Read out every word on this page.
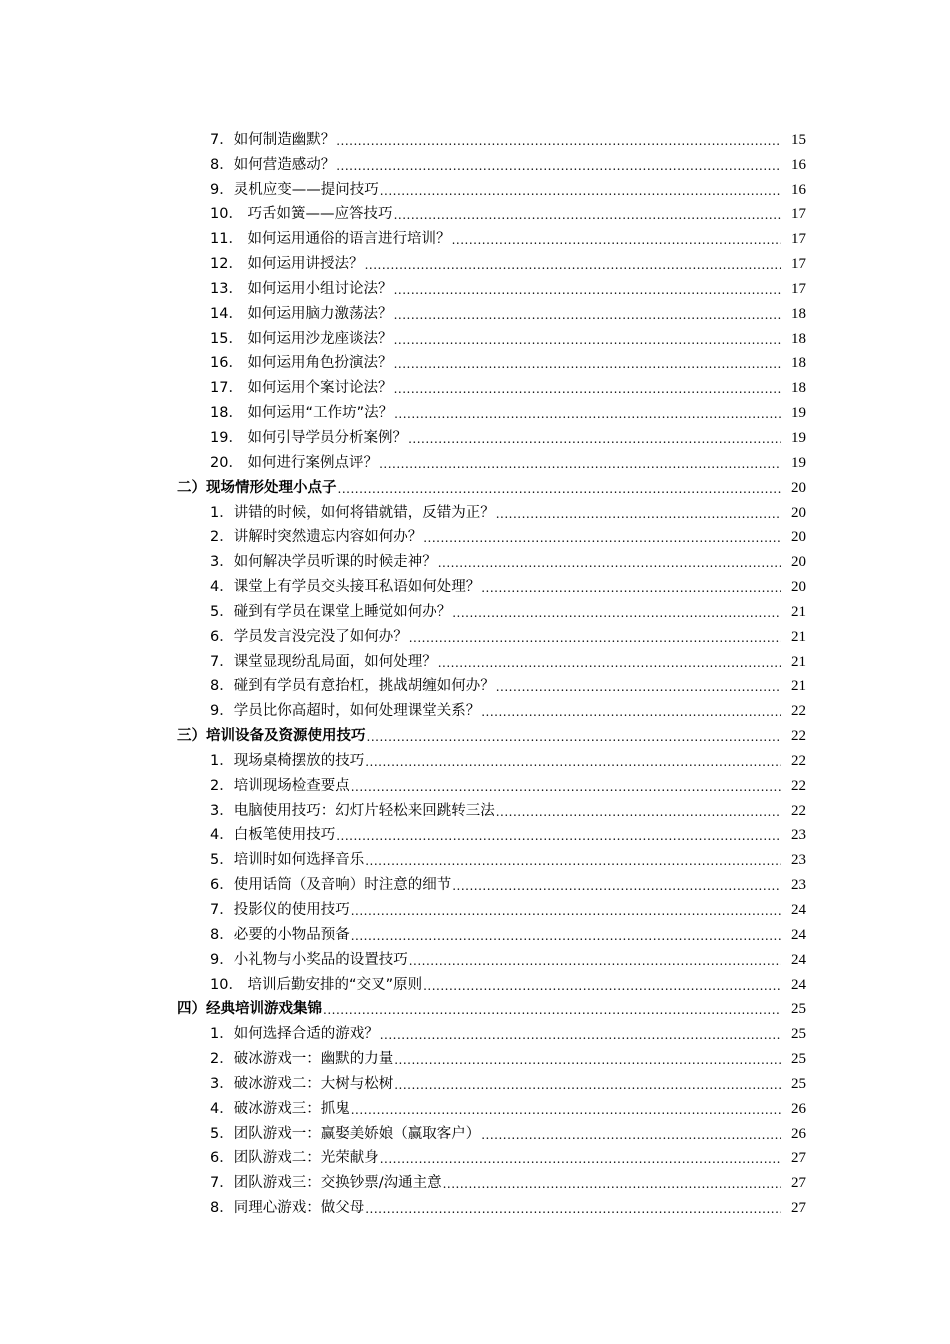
7．如何制造幽默？ .....	15
8．如何营造感动？ .....	16
9．灵机应变——提问技巧 .....	16
10． 巧舌如簧——应答技巧 .....	17
11． 如何运用通俗的语言进行培训？ .....	17
12． 如何运用讲授法？ .....	17
13． 如何运用小组讨论法？ .....	17
14． 如何运用脑力激荡法？ .....	18
15． 如何运用沙龙座谈法？ .....	18
16． 如何运用角色扮演法？ .....	18
17． 如何运用个案讨论法？ .....	18
18． 如何运用“工作坊”法？ .....	19
19． 如何引导学员分析案例？ .....	19
20． 如何进行案例点评？ .....	19
二）现场情形处理小点子 .....	20
1．讲错的时候，如何将错就错，反错为正？ .....	20
2．讲解时突然遗忘内容如何办？ .....	20
3．如何解决学员听课的时候走神？ .....	20
4．课堂上有学员交头接耳私语如何处理？ .....	20
5．碰到有学员在课堂上睡觉如何办？ .....	21
6．学员发言没完没了如何办？ .....	21
7．课堂显现纷乱局面，如何处理？ .....	21
8．碰到有学员有意抬杠，挑战胡缠如何办？ .....	21
9．学员比你高超时，如何处理课堂关系？ .....	22
三）培训设备及资源使用技巧 .....	22
1．现场桌椅摆放的技巧 .....	22
2．培训现场检查要点 .....	22
3．电脑使用技巧：幻灯片轻松来回跳转三法 .....	22
4．白板笔使用技巧 .....	23
5．培训时如何选择音乐 .....	23
6．使用话筒（及音响）时注意的细节 .....	23
7．投影仪的使用技巧 .....	24
8．必要的小物品预备 .....	24
9．小礼物与小奖品的设置技巧 .....	24
10． 培训后勤安排的“交叉”原则 .....	24
四）经典培训游戏集锦 .....	25
1．如何选择合适的游戏？ .....	25
2．破冰游戏一：幽默的力量 .....	25
3．破冰游戏二：大树与松树 .....	25
4．破冰游戏三：抓鬼 .....	26
5．团队游戏一：赢娶美娇娘（赢取客户） .....	26
6．团队游戏二：光荣献身 .....	27
7．团队游戏三：交换钞票/沟通主意 .....	27
8．同理心游戏：做父母 .....	27
